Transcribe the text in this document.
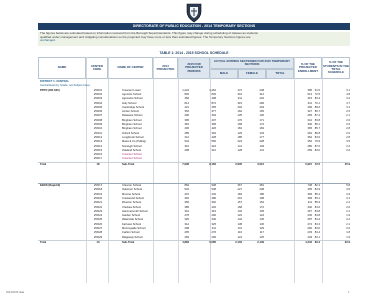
DIRECTORATE OF PUBLIC EDUCATION - 2014 TEMPORARY SECTIONS
The figures below are estimated based on information received from the Borough Superintendents. This figure may change during scheduling of classes as students
qualified under management and mitigating considerations so the projected may have more or less than estimated figures. The Temporary Sections figures are
unchanged.
TABLE 1: 2014 - 2015 SCHOOL SCHEDULE
NAME	CENTER CODE	NAME OF CENTER	2014 PROJECTED
2015 FOR PROJECTED PERIODS
ACTUAL ENTRIES SECTIONED FOR 2015 TEMPORARY SECTIONS
MALE	FEMALE	TOTAL
% OF THE PROJECTED ENROLLMENT
% OF THE STUDENTS IN THE TOTAL SCHEDULE
DISTRICT 1: CENTRAL
Central East (by Grade, not Subject Area)
PRTO (OR-S00)	25/001	Crescent Lower	1,224	1,262	147	248	395	31.5	3.1
25/002	Agnostic School	802	845	301	312	613	72.5	4.8
25/003	Agnostics School	482	498	211	204	415	83.3	3.2
25/004	Holy School	814	872	315	296	611	70.1	4.7
25/005	Cambridge School	421	455	202	203	405	89.0	3.1
25/006	Amber School	352	377	162	165	327	86.7	2.5
25/007	Delaware School	290	304	135	130	265	87.2	2.1
25/008	Bingham School	395	407	170	171	341	83.8	2.6
25/009	Bingham School	381	395	168	172	340	86.1	2.6
25/010	Bingham School	406	426	181	184	365	85.7	2.8
25/011	Oxford School	285	302	129	133	262	86.8	2.0
25/012	Longbrook School	412	428	185	177	362	84.6	2.8
25/013	Maria & Co (Pulling)	544	566	224	228	452	79.9	3.5
25/014	Norwegh School	310	322	141	139	280	87.0	2.2
25/015	Oakland School	298	312	128	131	259	83.0	2.0
25/016	Crescent School
25/017	Crescent School
Total	18	Sub-Total	7,908	8,162	2,905	3,010	5,915	72.5	45.9
EBOS (Rapid B)	25/017	Chevron School	884	908	367	381	748	82.4	5.8
25/018	Oakmoor School	522	548	227	238	465	84.9	3.6
25/019	Monroe School	415	432	184	185	369	85.4	2.9
25/020	Crestwood School	462	480	201	198	399	83.1	3.1
25/021	Riverton School	350	362	157	154	311	85.9	2.4
25/022	Chelsea School	386	402	168	172	340	84.6	2.6
25/023	Hammersmith School	301	315	132	135	267	84.8	2.1
25/024	Garden School	278	290	122	124	246	84.8	1.9
25/025	Waterside School	326	340	142	145	287	84.4	2.2
25/026	Fairview School	312	325	138	136	274	84.3	2.1
25/027	Morningside School	298	311	131	129	260	83.6	2.0
25/028	Carlton School	265	276	116	117	233	84.4	1.8
25/029	Ridgeway School	284	296	124	125	249	84.1	1.9
Total	13	Sub-Total	4,883	5,085	2,103	2,139	4,242	83.4	32.9
2014/2015 data	1
